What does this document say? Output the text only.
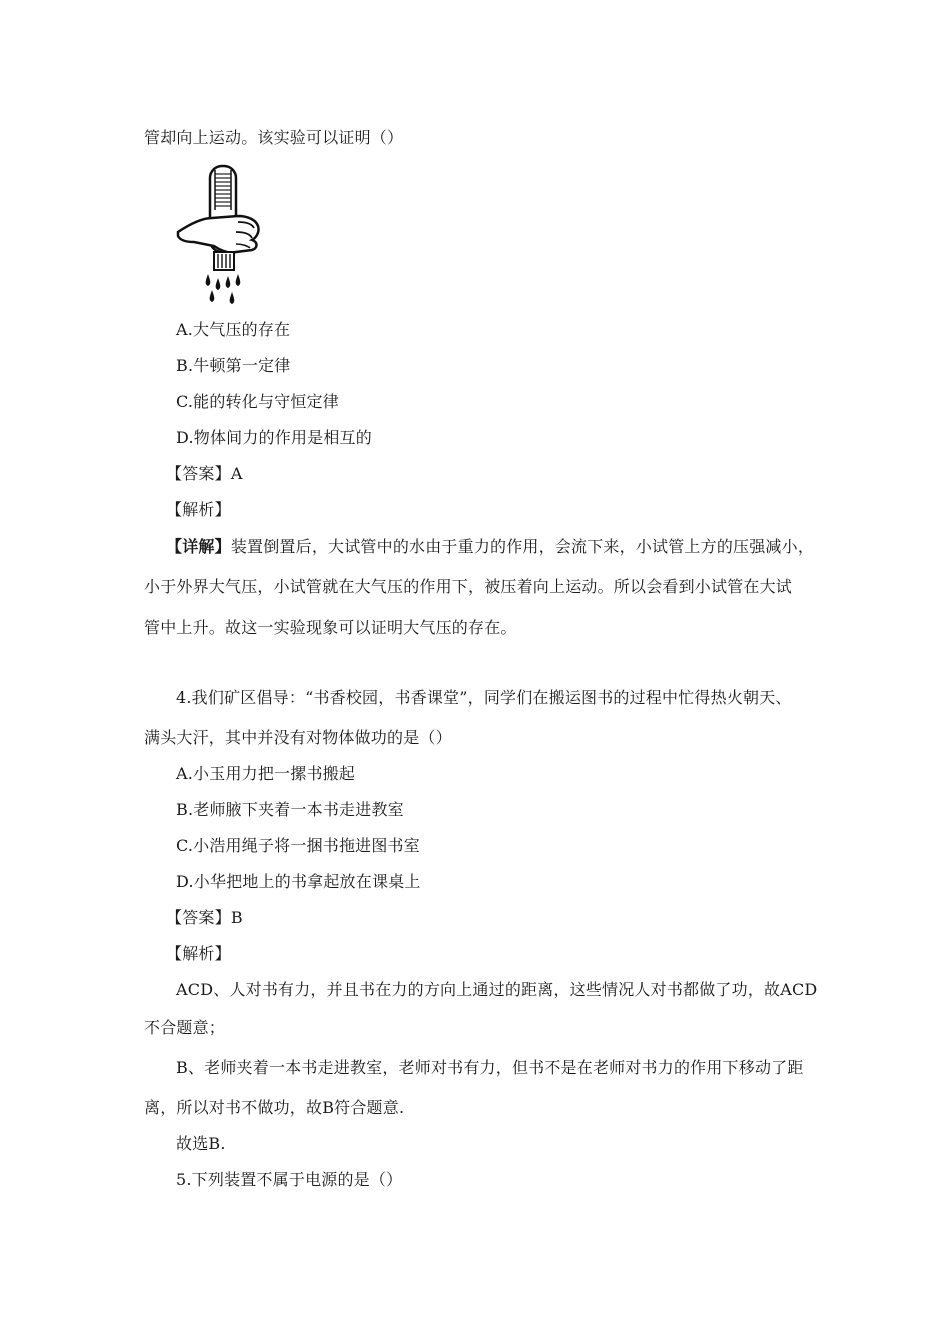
管却向上运动。该实验可以证明（）
A.大气压的存在
B.牛顿第一定律
C.能的转化与守恒定律
D.物体间力的作用是相互的
【答案】A
【解析】
【详解】装置倒置后，大试管中的水由于重力的作用，会流下来，小试管上方的压强减小，
小于外界大气压，小试管就在大气压的作用下，被压着向上运动。所以会看到小试管在大试
管中上升。故这一实验现象可以证明大气压的存在。
4.我们矿区倡导：“书香校园，书香课堂”，同学们在搬运图书的过程中忙得热火朝天、
满头大汗，其中并没有对物体做功的是（）
A.小玉用力把一摞书搬起
B.老师腋下夹着一本书走进教室
C.小浩用绳子将一捆书拖进图书室
D.小华把地上的书拿起放在课桌上
【答案】B
【解析】
ACD、人对书有力，并且书在力的方向上通过的距离，这些情况人对书都做了功，故ACD
不合题意；
B、老师夹着一本书走进教室，老师对书有力，但书不是在老师对书力的作用下移动了距
离，所以对书不做功，故B符合题意.
故选B.
5.下列装置不属于电源的是（）
